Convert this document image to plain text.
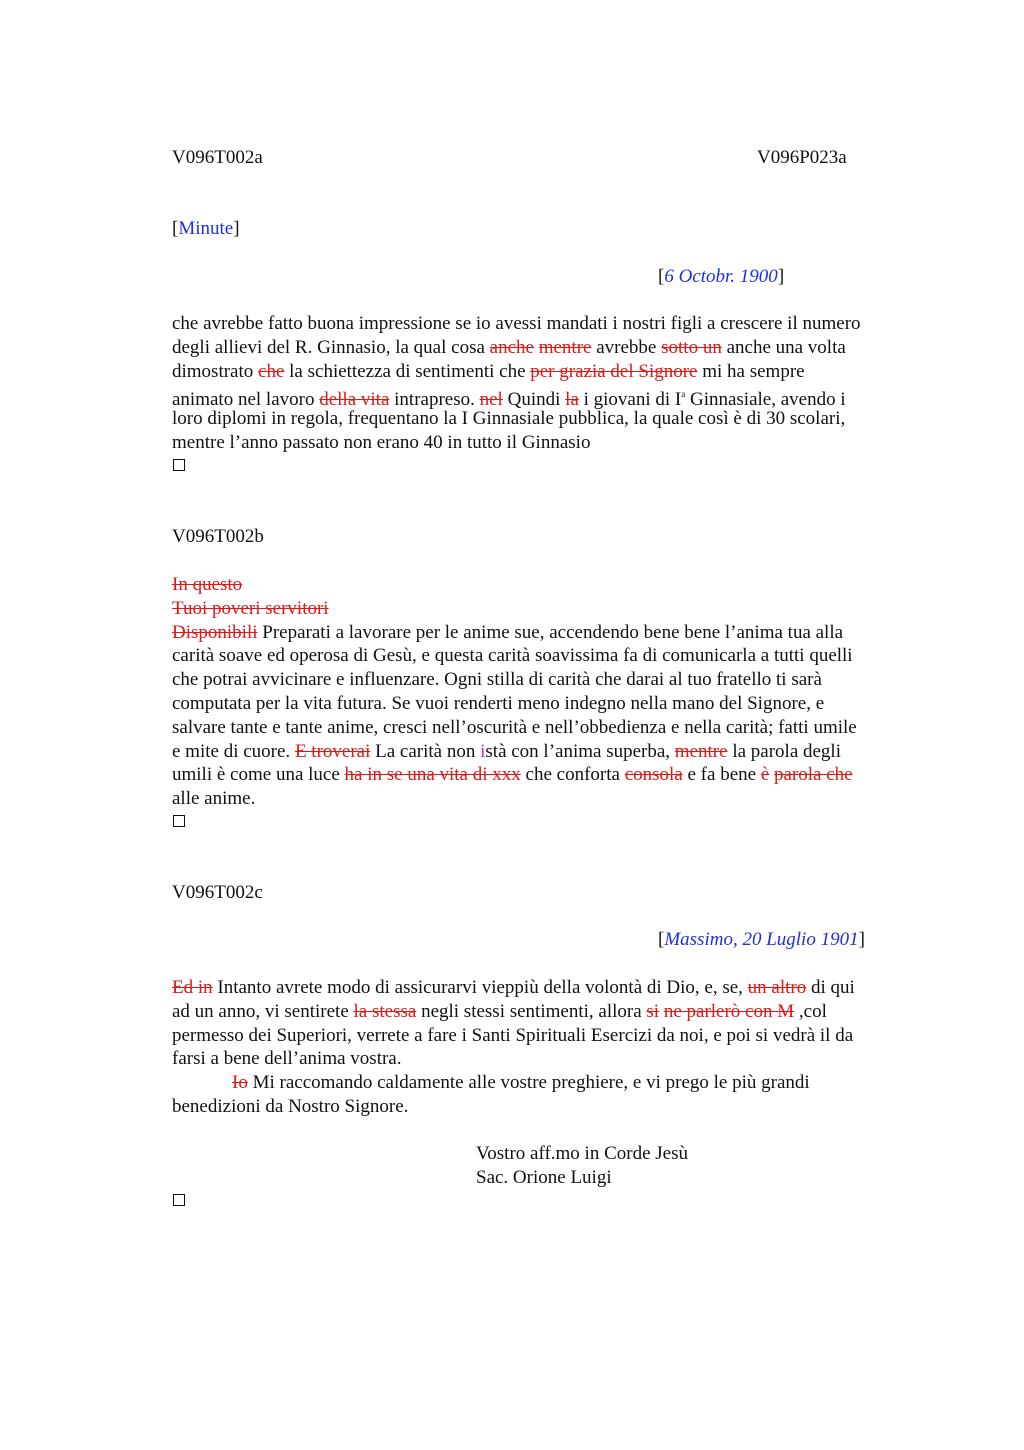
V096T002a	V096P023a
[Minute]
[6 Octobr. 1900]
che avrebbe fatto buona impressione se io avessi mandati i nostri figli a crescere il numero
degli allievi del R. Ginnasio, la qual cosa anche mentre avrebbe sotto un anche una volta
dimostrato che la schiettezza di sentimenti che per grazia del Signore mi ha sempre
animato nel lavoro della vita intrapreso. nel Quindi la i giovani di $I^a$ Ginnasiale, avendo i
loro diplomi in regola, frequentano la I Ginnasiale pubblica, la quale così è di 30 scolari,
mentre l’anno passato non erano 40 in tutto il Ginnasio
V096T002b
In questo
Tuoi poveri servitori
Disponibili Preparati a lavorare per le anime sue, accendendo bene bene l’anima tua alla
carità soave ed operosa di Gesù, e questa carità soavissima fa di comunicarla a tutti quelli
che potrai avvicinare e influenzare. Ogni stilla di carità che darai al tuo fratello ti sarà
computata per la vita futura. Se vuoi renderti meno indegno nella mano del Signore, e
salvare tante e tante anime, cresci nell’oscurità e nell’obbedienza e nella carità; fatti umile
e mite di cuore. E troverai La carità non istà con l’anima superba, mentre la parola degli
umili è come una luce ha in se una vita di xxx che conforta consola e fa bene è parola che
alle anime.
V096T002c
[Massimo, 20 Luglio 1901]
Ed in Intanto avrete modo di assicurarvi vieppiù della volontà di Dio, e, se, un altro di qui
ad un anno, vi sentirete la stessa negli stessi sentimenti, allora si ne parlerò con M ,col
permesso dei Superiori, verrete a fare i Santi Spirituali Esercizi da noi, e poi si vedrà il da
farsi a bene dell’anima vostra.
Io Mi raccomando caldamente alle vostre preghiere, e vi prego le più grandi
benedizioni da Nostro Signore.
Vostro aff.mo in Corde Jesù
Sac. Orione Luigi
